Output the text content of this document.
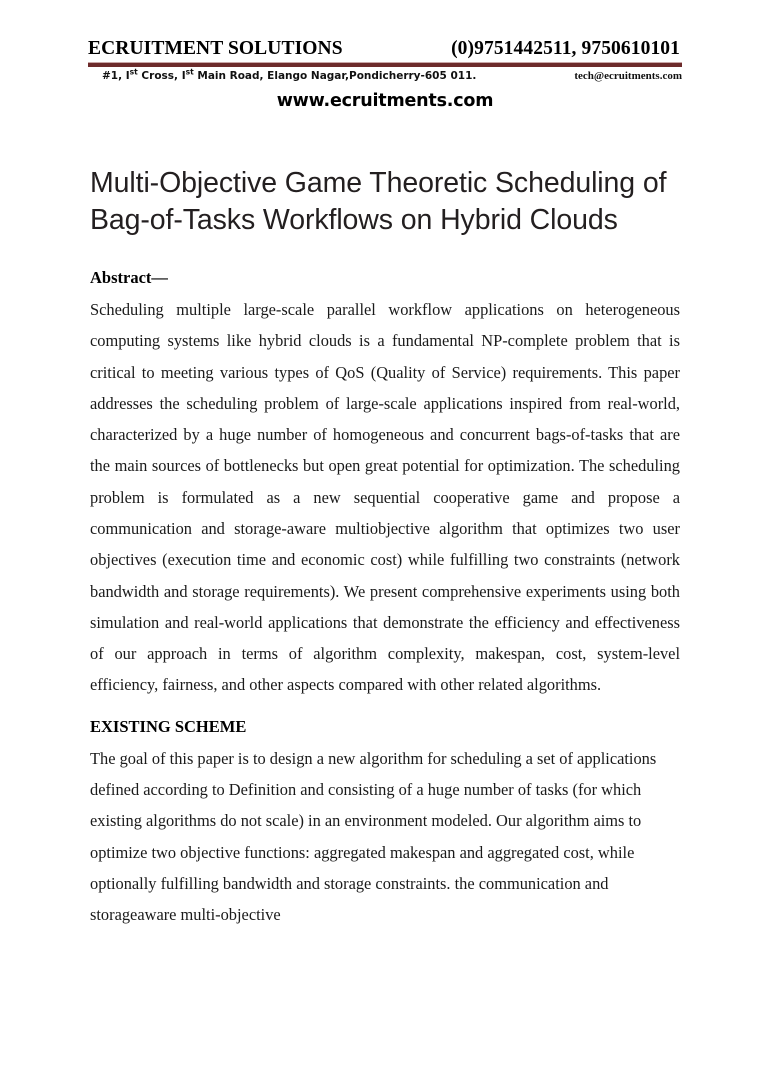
ECRUITMENT SOLUTIONS	(0)9751442511, 9750610101
#1, Ist Cross, Ist Main Road, Elango Nagar,Pondicherry-605 011.	tech@ecruitments.com
www.ecruitments.com
Multi-Objective Game Theoretic Scheduling of Bag-of-Tasks Workflows on Hybrid Clouds
Abstract—

Scheduling multiple large-scale parallel workflow applications on heterogeneous computing systems like hybrid clouds is a fundamental NP-complete problem that is critical to meeting various types of QoS (Quality of Service) requirements. This paper addresses the scheduling problem of large-scale applications inspired from real-world, characterized by a huge number of homogeneous and concurrent bags-of-tasks that are the main sources of bottlenecks but open great potential for optimization. The scheduling problem is formulated as a new sequential cooperative game and propose a communication and storage-aware multiobjective algorithm that optimizes two user objectives (execution time and economic cost) while fulfilling two constraints (network bandwidth and storage requirements). We present comprehensive experiments using both simulation and real-world applications that demonstrate the efficiency and effectiveness of our approach in terms of algorithm complexity, makespan, cost, system-level efficiency, fairness, and other aspects compared with other related algorithms.

EXISTING SCHEME

The goal of this paper is to design a new algorithm for scheduling a set of applications defined according to Definition and consisting of a huge number of tasks (for which existing algorithms do not scale) in an environment modeled. Our algorithm aims to optimize two objective functions: aggregated makespan and aggregated cost, while optionally fulfilling bandwidth and storage constraints. the communication and storageaware multi-objective
